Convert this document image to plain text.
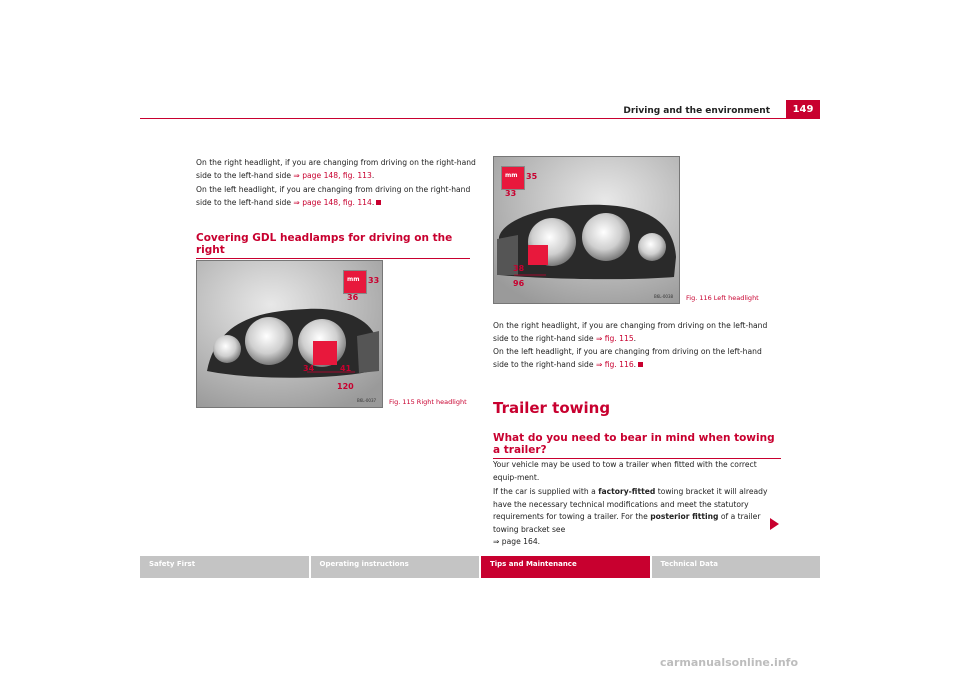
Driving and the environment	149

On the right headlight, if you are changing from driving on the right-hand side to the left-hand side ⇒ page 148, fig. 113.

On the left headlight, if you are changing from driving on the right-hand side to the left-hand side ⇒ page 148, fig. 114.

Covering GDL headlamps for driving on the right
mm 33
36
34	41
120
B6L-0037 Fig. 115 Right headlight
mm 35
33
38
96
B6L-0038 Fig. 116 Left headlight

On the right headlight, if you are changing from driving on the left-hand side to the right-hand side ⇒ fig. 115.

On the left headlight, if you are changing from driving on the left-hand side to the right-hand side ⇒ fig. 116.

Trailer towing
What do you need to bear in mind when towing a trailer?

Your vehicle may be used to tow a trailer when fitted with the correct equip-ment.

If the car is supplied with a factory-fitted towing bracket it will already have the necessary technical modifications and meet the statutory requirements for towing a trailer. For the posterior fitting of a trailer towing bracket see
⇒ page 164.

Safety First	Operating instructions	Tips and Maintenance	Technical Data
carmanualsonline.info
